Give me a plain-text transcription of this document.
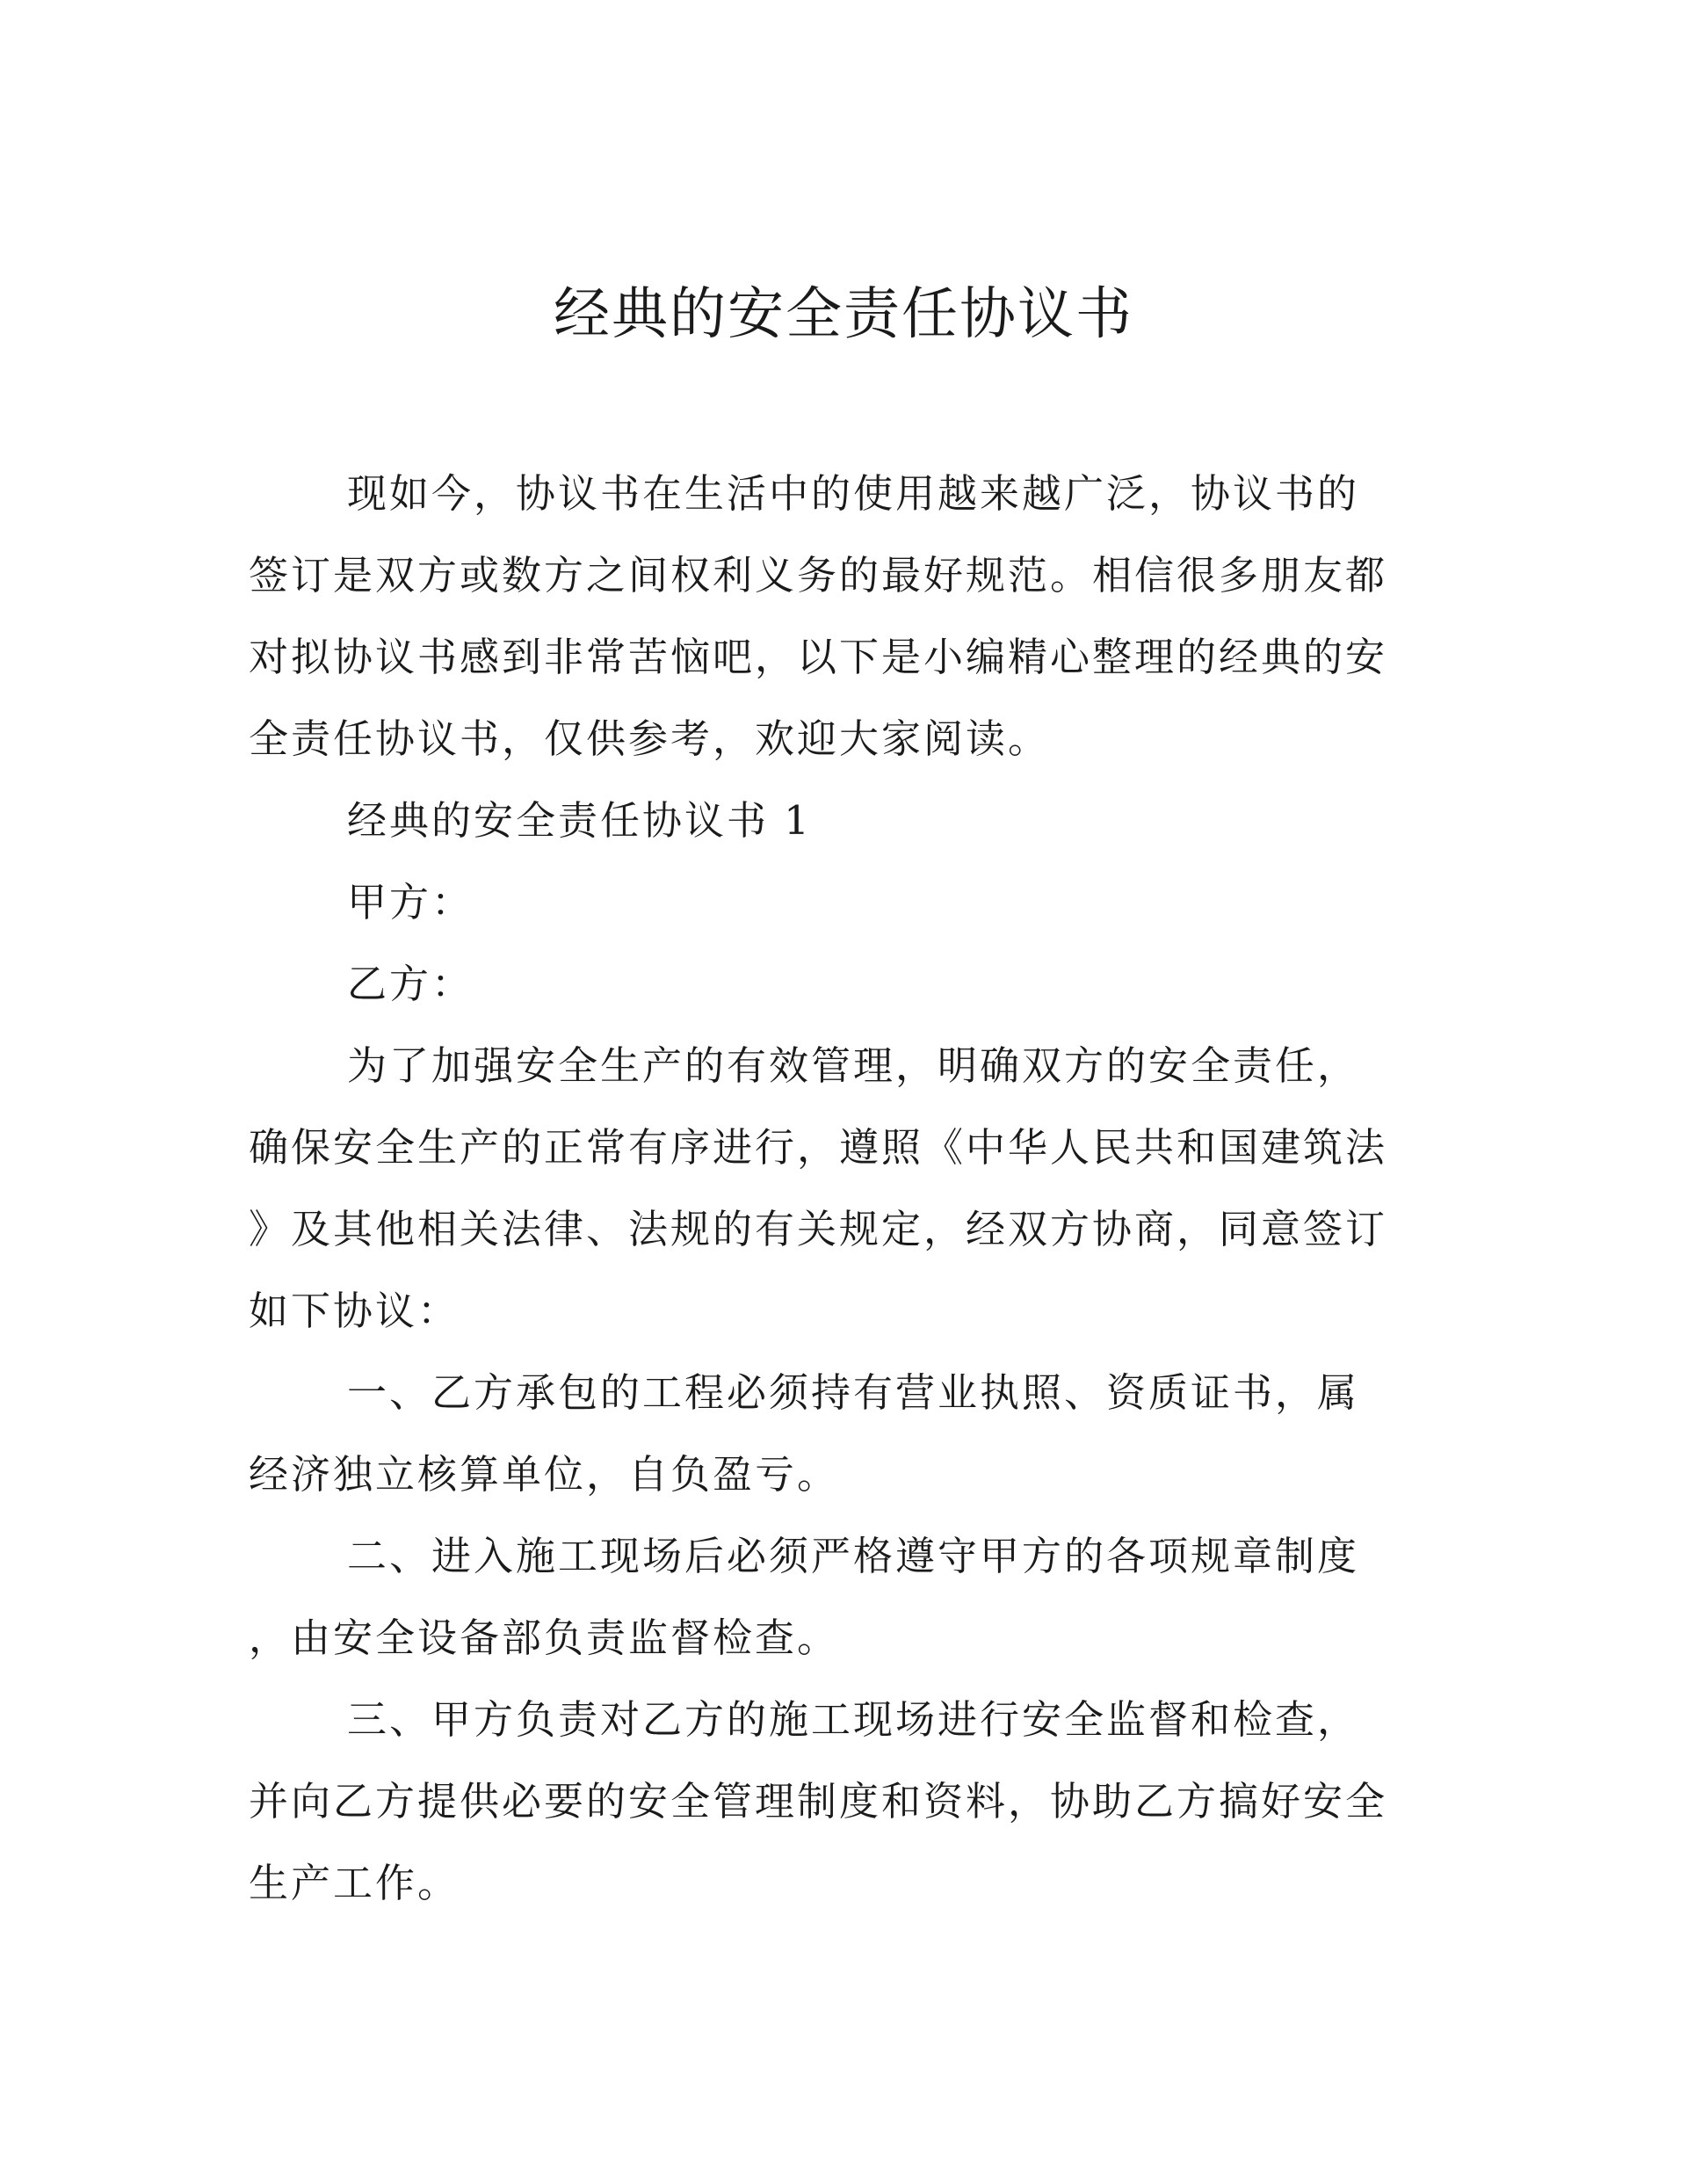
经典的安全责任协议书

现如今，协议书在生活中的使用越来越广泛，协议书的

签订是双方或数方之间权利义务的最好规范。相信很多朋友都

对拟协议书感到非常苦恼吧，以下是小编精心整理的经典的安

全责任协议书，仅供参考，欢迎大家阅读。

经典的安全责任协议书 1

甲方：

乙方：

为了加强安全生产的有效管理，明确双方的安全责任，

确保安全生产的正常有序进行，遵照《中华人民共和国建筑法

》及其他相关法律、法规的有关规定，经双方协商，同意签订

如下协议：

一、乙方承包的工程必须持有营业执照、资质证书，属

经济独立核算单位，自负盈亏。

二、进入施工现场后必须严格遵守甲方的各项规章制度

，由安全设备部负责监督检查。

三、甲方负责对乙方的施工现场进行安全监督和检查，

并向乙方提供必要的安全管理制度和资料，协助乙方搞好安全

生产工作。
